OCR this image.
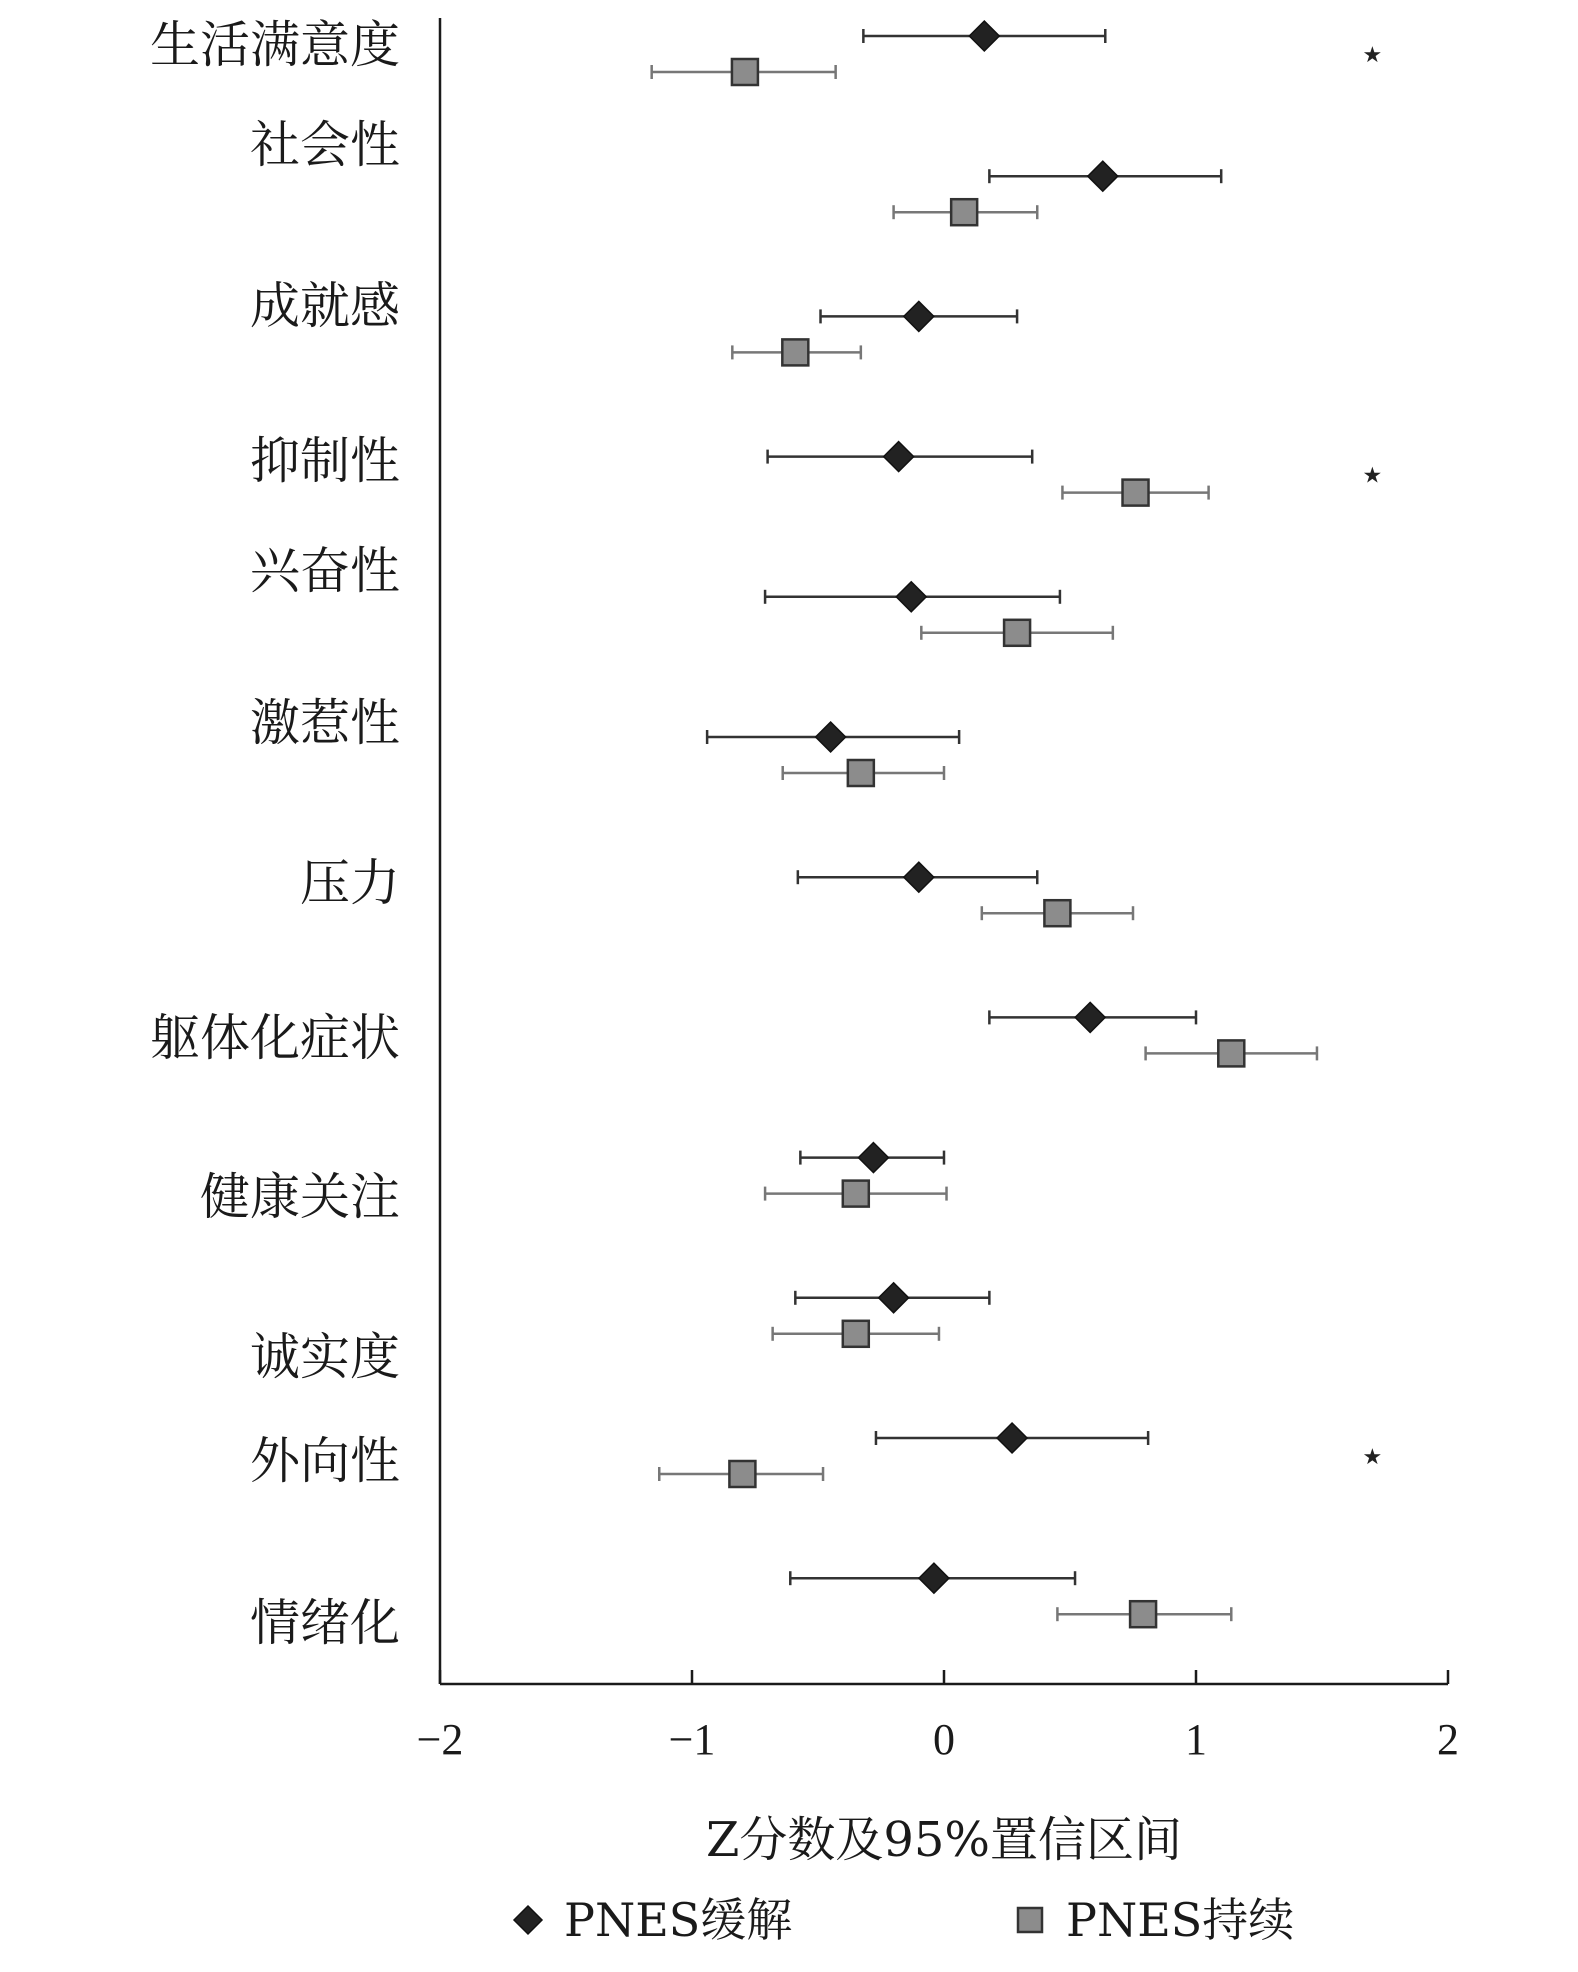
生活满意度
社会性
成就感
抑制性
兴奋性
激惹性
压力
躯体化症状
健康关注
诚实度
外向性
情绪化
★
★
★
−2	−1	0	1	2
Z分数及95%置信区间
PNES缓解	PNES持续
